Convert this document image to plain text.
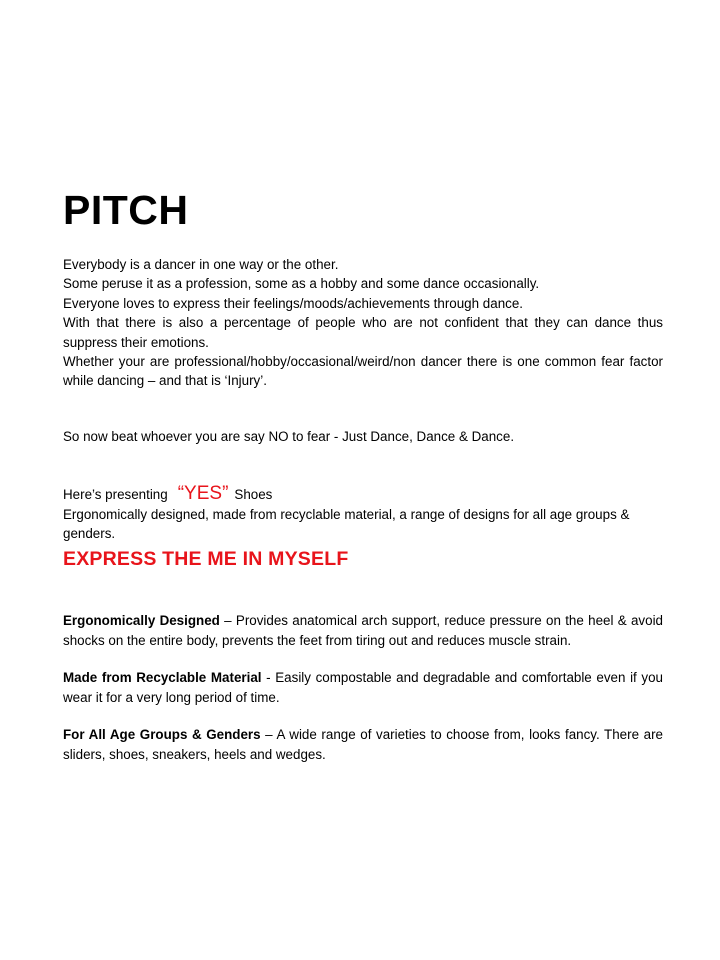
PITCH

Everybody is a dancer in one way or the other.
Some peruse it as a profession, some as a hobby and some dance occasionally.
Everyone loves to express their feelings/moods/achievements through dance.
With that there is also a percentage of people who are not confident that they can dance thus suppress their emotions.
Whether your are professional/hobby/occasional/weird/non dancer there is one common fear factor while dancing – and that is ‘Injury’.

So now beat whoever you are say NO to fear - Just Dance, Dance & Dance.

Here’s presenting “YES” Shoes

Ergonomically designed, made from recyclable material, a range of designs for all age groups & genders.

EXPRESS THE ME IN MYSELF

Ergonomically Designed – Provides anatomical arch support, reduce pressure on the heel & avoid shocks on the entire body, prevents the feet from tiring out and reduces muscle strain.

Made from Recyclable Material - Easily compostable and degradable and comfortable even if you wear it for a very long period of time.

For All Age Groups & Genders – A wide range of varieties to choose from, looks fancy. There are sliders, shoes, sneakers, heels and wedges.
